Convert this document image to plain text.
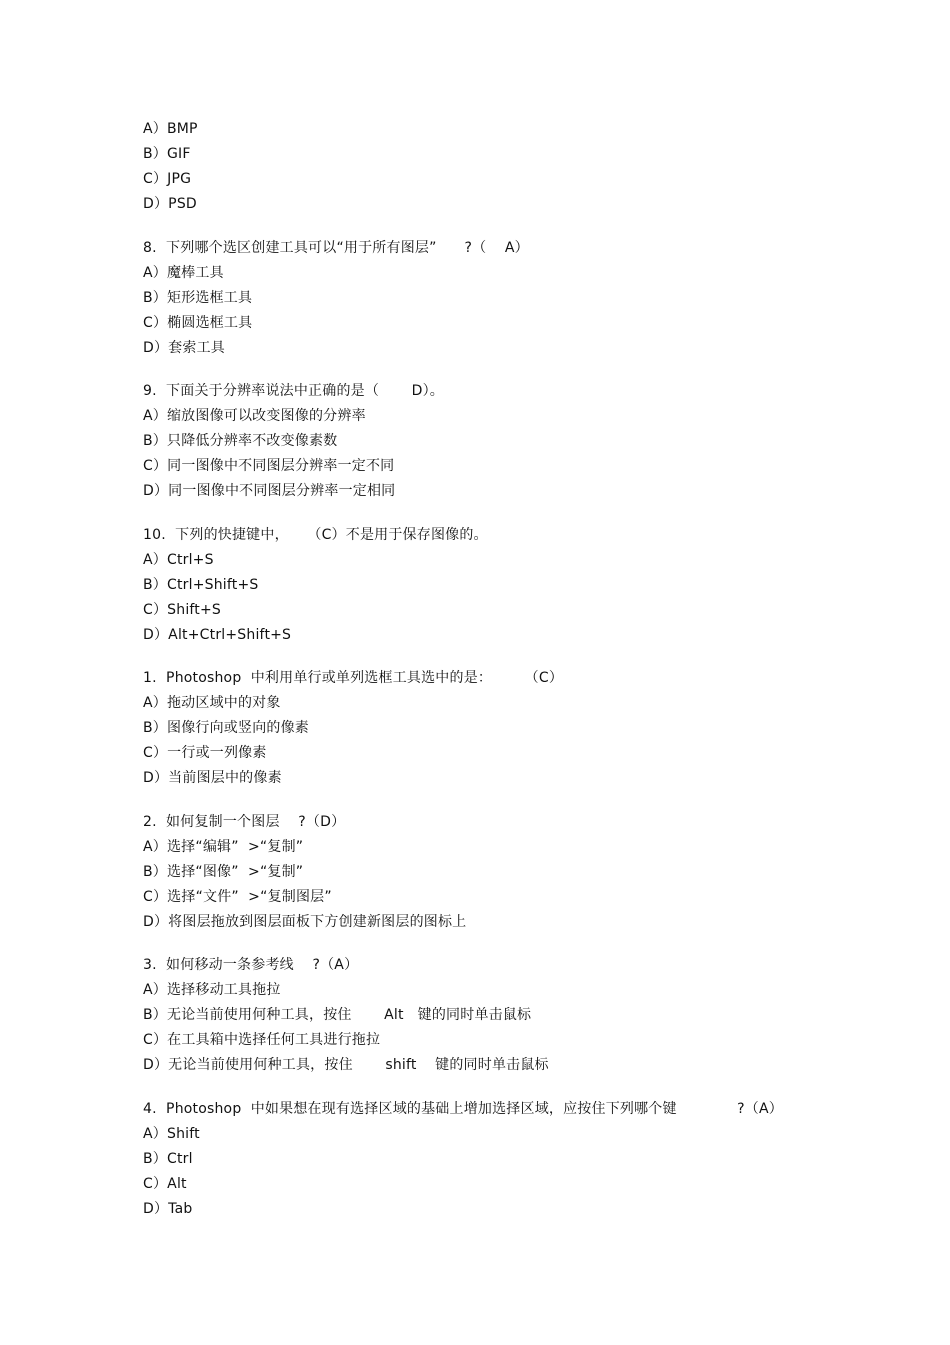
A）BMP
B）GIF
C）JPG
D）PSD
8.  下列哪个选区创建工具可以“用于所有图层”      ?（    A）
A）魔棒工具
B）矩形选框工具
C）椭圆选框工具
D）套索工具
9.  下面关于分辨率说法中正确的是（       D）。
A）缩放图像可以改变图像的分辨率
B）只降低分辨率不改变像素数
C）同一图像中不同图层分辨率一定不同
D）同一图像中不同图层分辨率一定相同
10.  下列的快捷键中，    （C）不是用于保存图像的。
A）Ctrl+S
B）Ctrl+Shift+S
C）Shift+S
D）Alt+Ctrl+Shift+S
1.  Photoshop  中利用单行或单列选框工具选中的是：       （C）
A）拖动区域中的对象
B）图像行向或竖向的像素
C）一行或一列像素
D）当前图层中的像素
2.  如何复制一个图层    ?（D）
A）选择“编辑”  >“复制”
B）选择“图像”  >“复制”
C）选择“文件”  >“复制图层”
D）将图层拖放到图层面板下方创建新图层的图标上
3.  如何移动一条参考线    ?（A）
A）选择移动工具拖拉
B）无论当前使用何种工具，按住       Alt   键的同时单击鼠标
C）在工具箱中选择任何工具进行拖拉
D）无论当前使用何种工具，按住       shift    键的同时单击鼠标
4.  Photoshop  中如果想在现有选择区域的基础上增加选择区域，应按住下列哪个键             ?（A）
A）Shift
B）Ctrl
C）Alt
D）Tab
